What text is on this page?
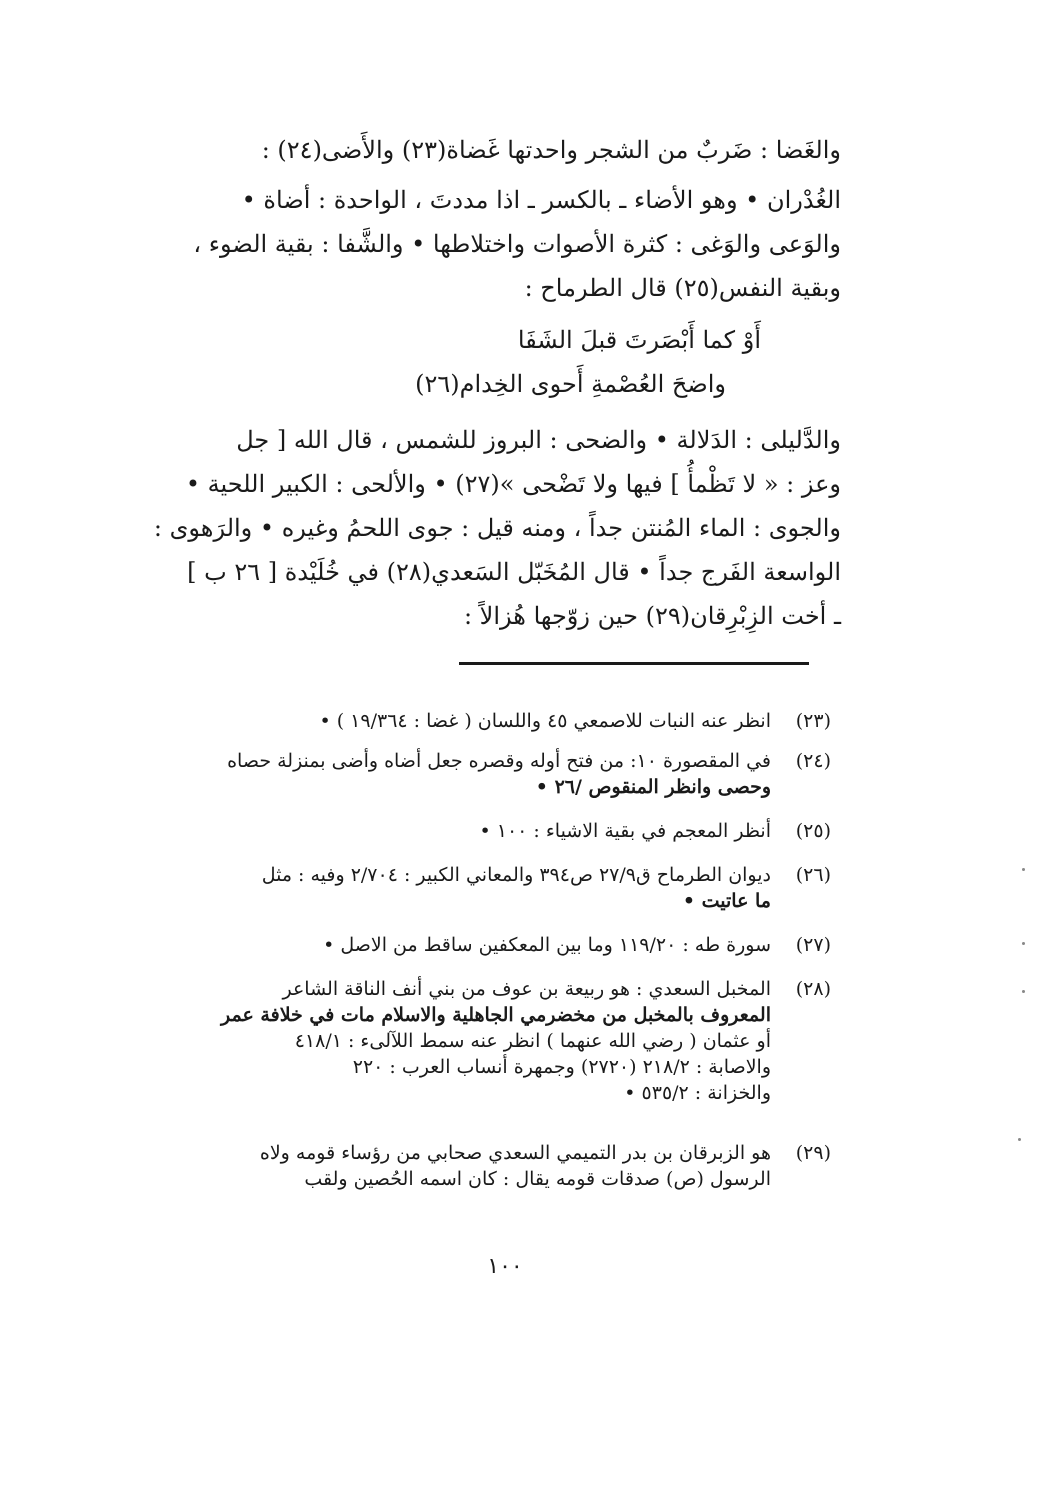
والغَضا : ضَربٌ من الشجر واحدتها غَضاة(٢٣) والأَضى(٢٤) :
الغُدْران • وهو الأضاء ـ بالكسر ـ اذا مددتَ ، الواحدة : أضاة •
والوَعى والوَغى : كثرة الأصوات واختلاطها • والشَّفا : بقية الضوء ،
وبقية النفس(٢٥) قال الطرماح :
أَوْ كما أَبْصَرتَ قبلَ الشَفَا
واضحَ العُصْمةِ أَحوى الخِدام(٢٦)
والدَّليلى : الدَلالة • والضحى : البروز للشمس ، قال الله [ جل
وعز : « لا تَظْمأُ ] فيها ولا تَضْحى »(٢٧) • والألحى : الكبير اللحية •
والجوى : الماء المُنتن جداً ، ومنه قيل : جوى اللحمُ وغيره • والرَهوى :
الواسعة الفَرج جداً • قال المُخَبّل السَعدي(٢٨) في خُلَيْدة [ ٢٦ ب ]
ـ أخت الزِبْرِقان(٢٩) حين زوّجها هُزالاً :
(٢٣)
انظر عنه النبات للاصمعي ٤٥ واللسان ( غضا : ١٩/٣٦٤ ) •
(٢٤)
في المقصورة ١٠: من فتح أوله وقصره جعل أضاه وأضى بمنزلة حصاه
وحصى وانظر المنقوص /٢٦ •
(٢٥)
أنظر المعجم في بقية الاشياء : ١٠٠ •
(٢٦)
ديوان الطرماح ق٢٧/٩ ص٣٩٤ والمعاني الكبير : ٢/٧٠٤ وفيه : مثل
ما عاتيت •
(٢٧)
سورة طه : ١١٩/٢٠ وما بين المعكفين ساقط من الاصل •
(٢٨)
المخبل السعدي : هو ربيعة بن عوف من بني أنف الناقة الشاعر
المعروف بالمخبل من مخضرمي الجاهلية والاسلام مات في خلافة عمر
أو عثمان ( رضي الله عنهما ) انظر عنه سمط اللآلىء : ٤١٨/١
والاصابة : ٢١٨/٢ (٢٧٢٠) وجمهرة أنساب العرب : ٢٢٠
والخزانة : ٥٣٥/٢ •
(٢٩)
هو الزبرقان بن بدر التميمي السعدي صحابي من رؤساء قومه ولاه
الرسول (ص) صدقات قومه يقال : كان اسمه الحُصين ولقب
١٠٠
